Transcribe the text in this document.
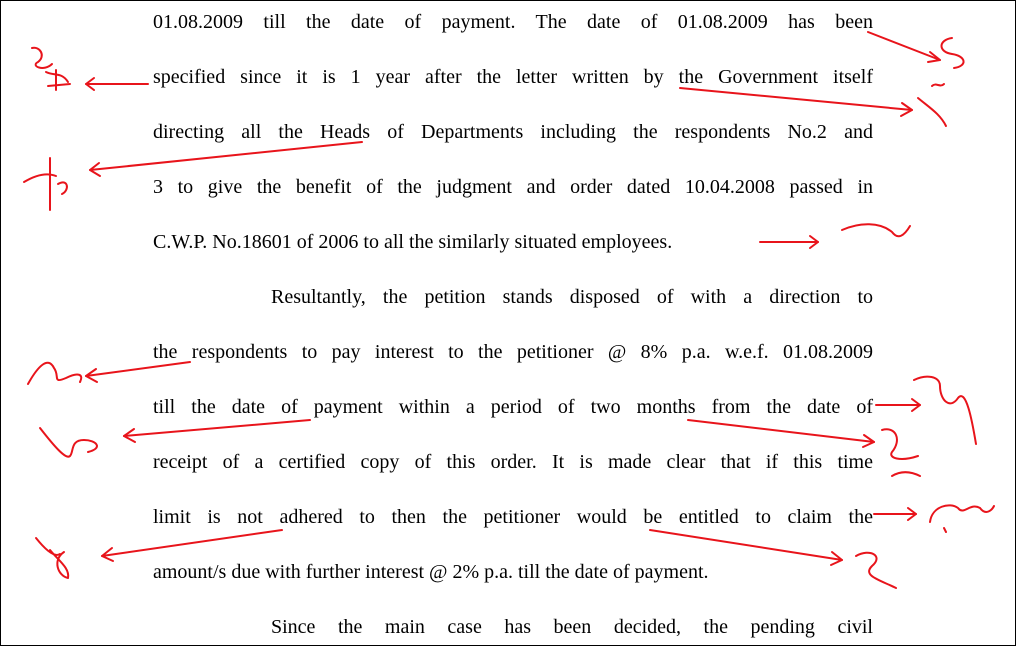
01.08.2009 till the date of payment. The date of 01.08.2009 has been
specified since it is 1 year after the letter written by the Government itself
directing all the Heads of Departments including the respondents No.2 and
3 to give the benefit of the judgment and order dated 10.04.2008 passed in
C.W.P. No.18601 of 2006 to all the similarly situated employees.
Resultantly, the petition stands disposed of with a direction to
the respondents to pay interest to the petitioner @ 8% p.a. w.e.f. 01.08.2009
till the date of payment within a period of two months from the date of
receipt of a certified copy of this order. It is made clear that if this time
limit is not adhered to then the petitioner would be entitled to claim the
amount/s due with further interest @ 2% p.a. till the date of payment.
Since the main case has been decided, the pending civil
